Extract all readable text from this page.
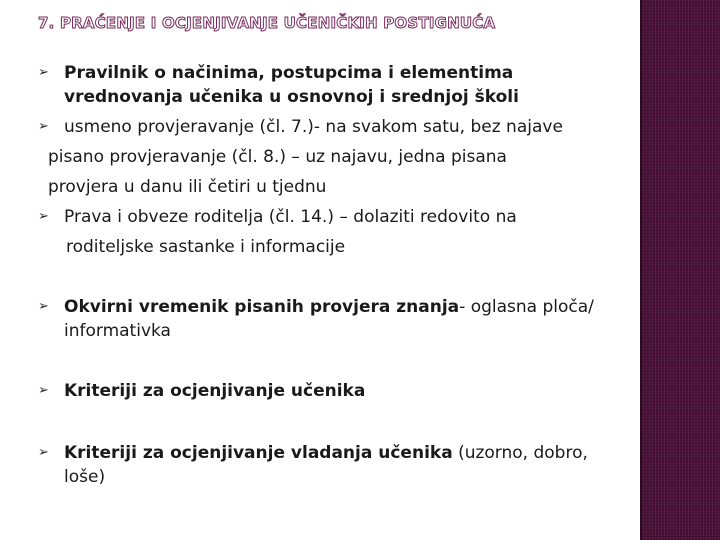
7. PRAĆENJE I OCJENJIVANJE UČENIČKIH POSTIGNUĆA
➢ Pravilnik o načinima, postupcima i elementima
vrednovanja učenika u osnovnoj i srednjoj školi
➢ usmeno provjeravanje (čl. 7.)- na svakom satu, bez najave
pisano provjeravanje (čl. 8.) – uz najavu, jedna pisana
provjera u danu ili četiri u tjednu
➢ Prava i obveze roditelja (čl. 14.) – dolaziti redovito na
roditeljske sastanke i informacije
➢ Okvirni vremenik pisanih provjera znanja- oglasna ploča/
informativka
➢ Kriteriji za ocjenjivanje učenika
➢ Kriteriji za ocjenjivanje vladanja učenika (uzorno, dobro,
loše)
